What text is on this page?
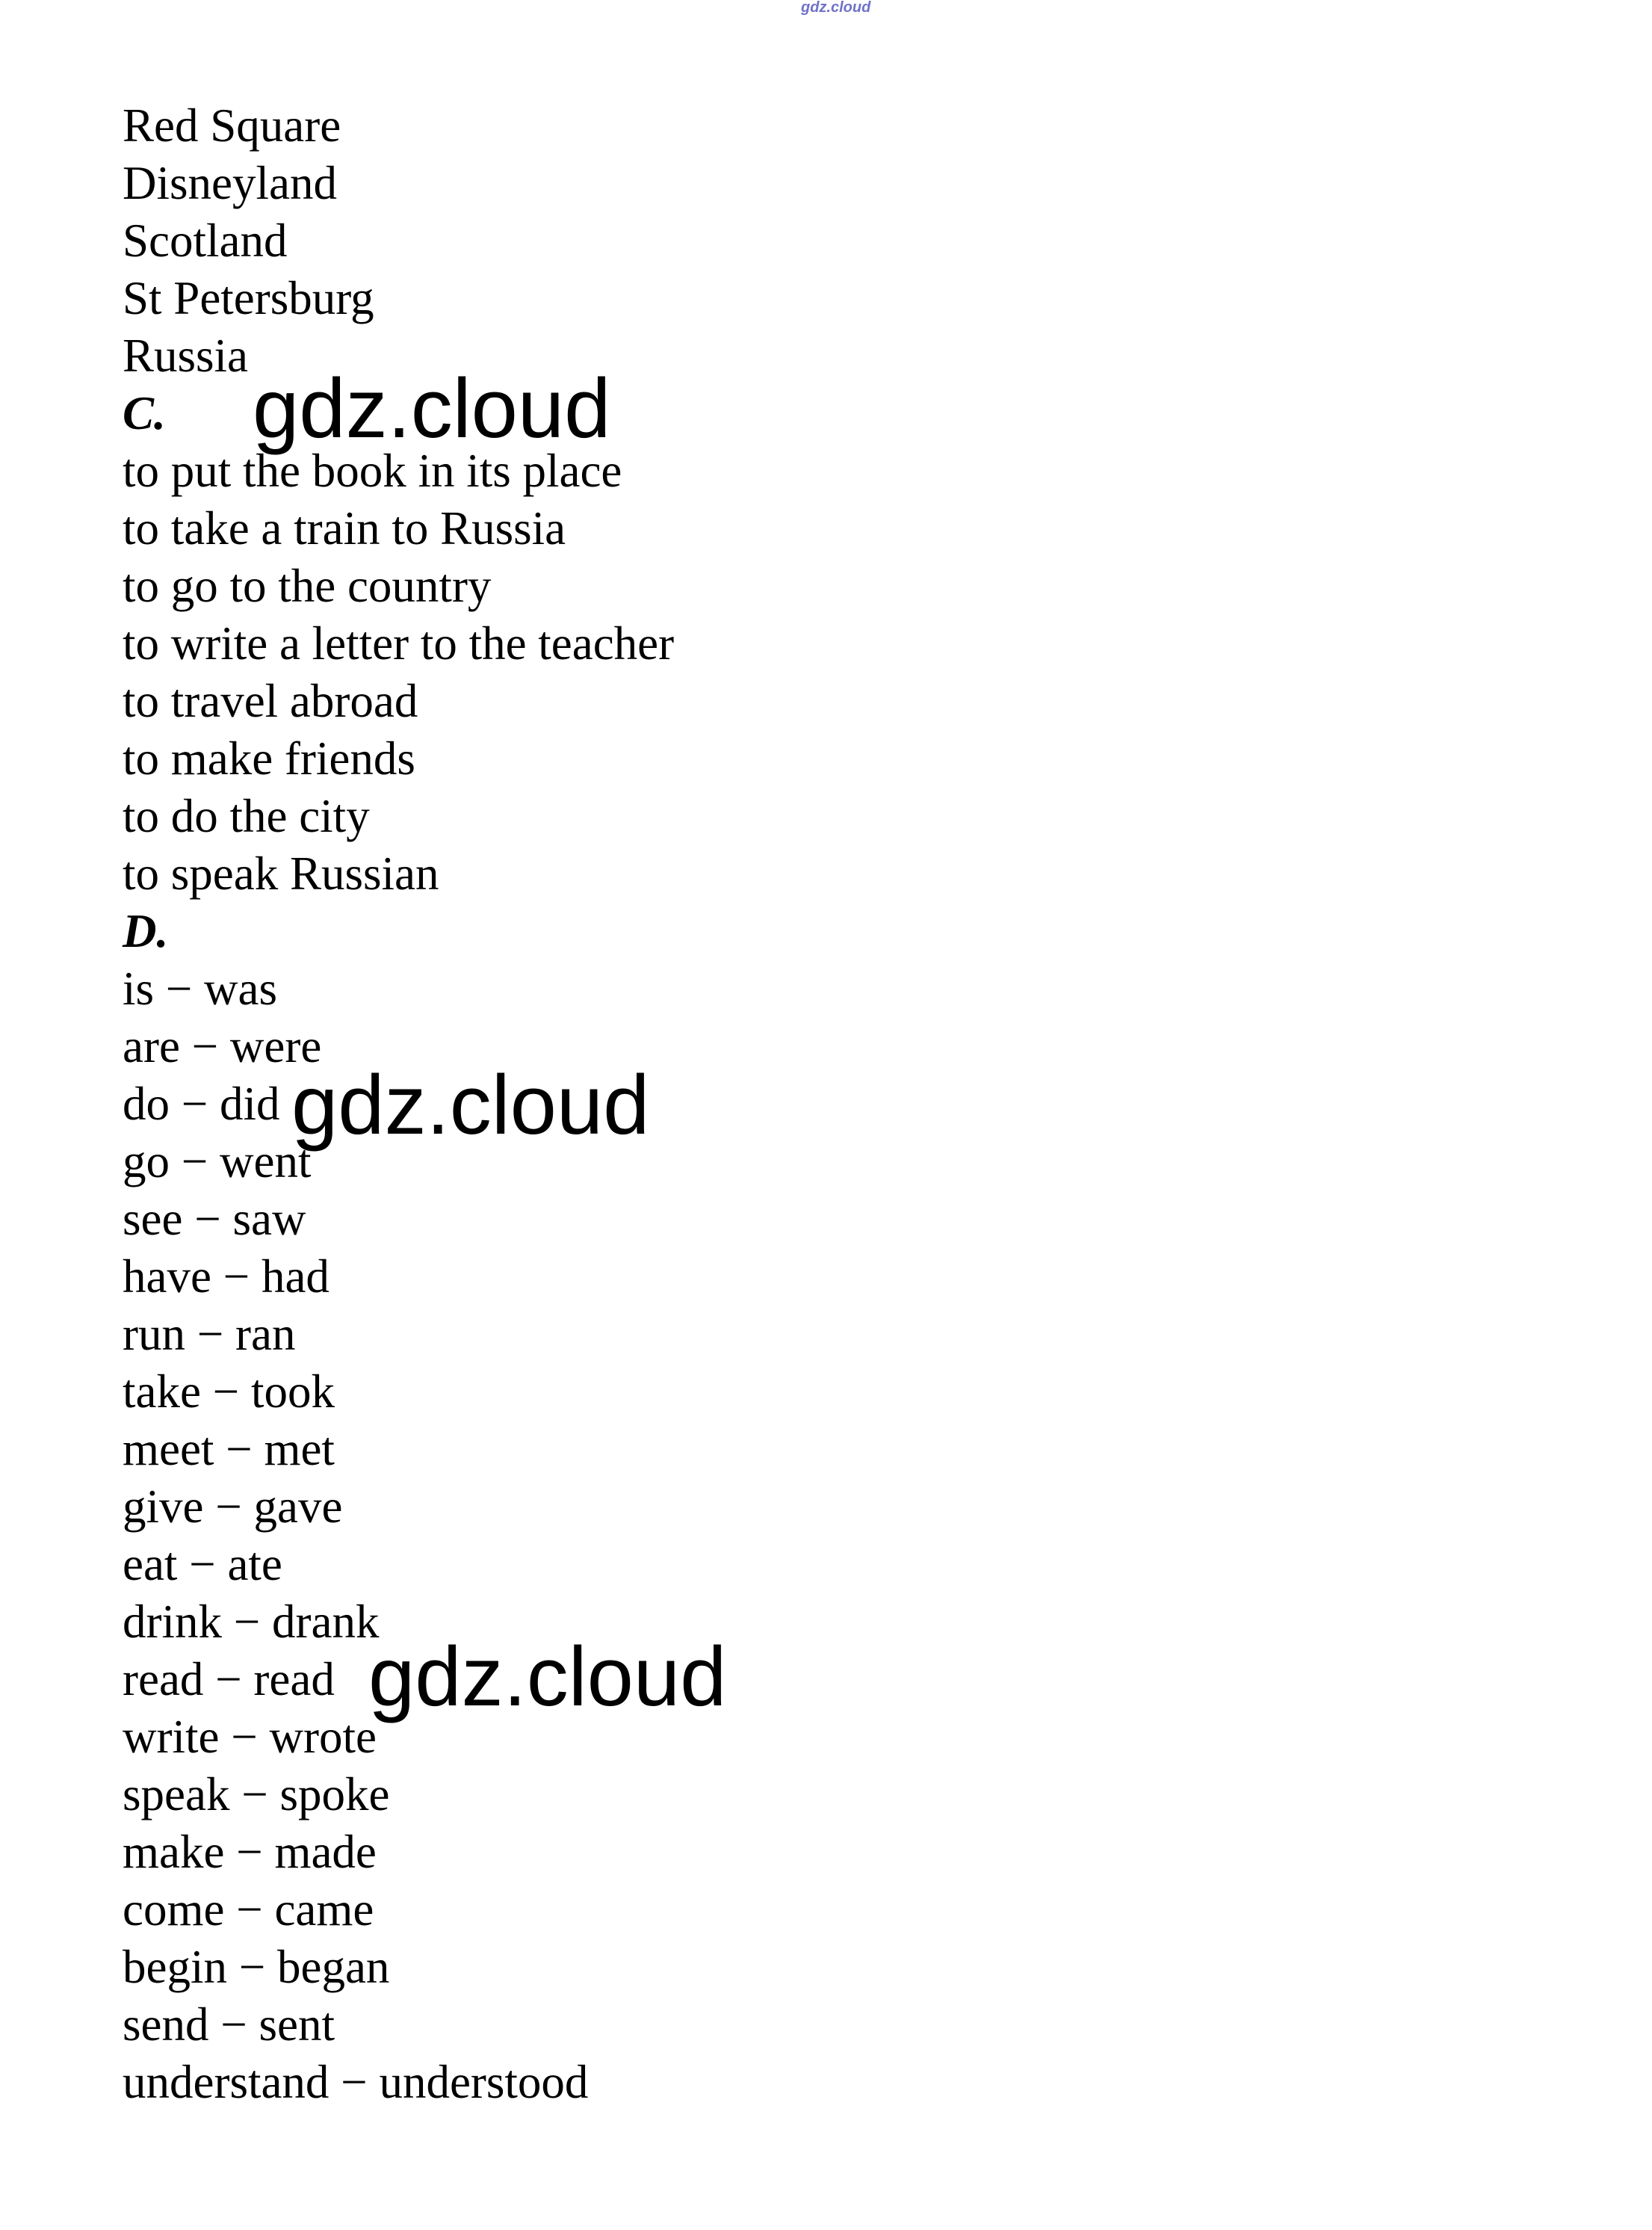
gdz.cloud
Red Square
Disneyland
Scotland
St Petersburg
Russia
C.
to put the book in its place
to take a train to Russia
to go to the country
to write a letter to the teacher
to travel abroad
to make friends
to do the city
to speak Russian
D.
is − was
are − were
do − did
go − went
see − saw
have − had
run − ran
take − took
meet − met
give − gave
eat − ate
drink − drank
read − read
write − wrote
speak − spoke
make − made
come − came
begin − began
send − sent
understand − understood
gdz.cloud
gdz.cloud
gdz.cloud
